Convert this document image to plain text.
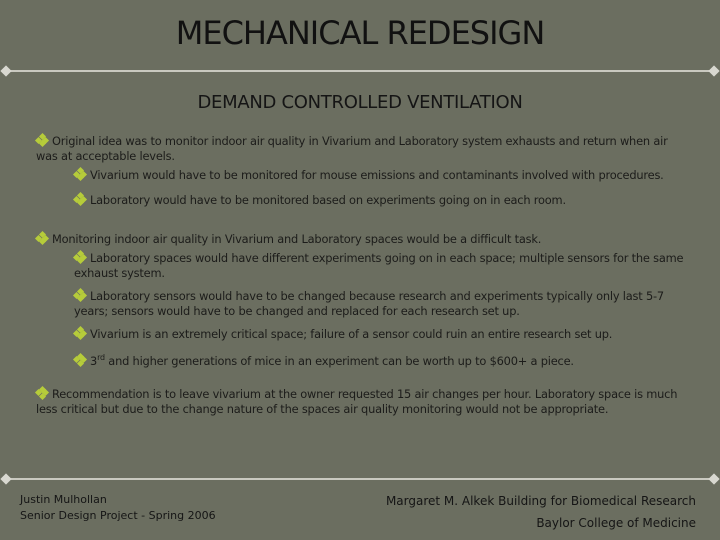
MECHANICAL REDESIGN
DEMAND CONTROLLED VENTILATION

Original idea was to monitor indoor air quality in Vivarium and Laboratory system exhausts and return when air was at acceptable levels.

Vivarium would have to be monitored for mouse emissions and contaminants involved with procedures.

Laboratory would have to be monitored based on experiments going on in each room.

Monitoring indoor air quality in Vivarium and Laboratory spaces would be a difficult task.

Laboratory spaces would have different experiments going on in each space; multiple sensors for the same exhaust system.

Laboratory sensors would have to be changed because research and experiments typically only last 5-7 years; sensors would have to be changed and replaced for each research set up.

Vivarium is an extremely critical space; failure of a sensor could ruin an entire research set up.

3rd and higher generations of mice in an experiment can be worth up to $600+ a piece.

Recommendation is to leave vivarium at the owner requested 15 air changes per hour. Laboratory space is much less critical but due to the change nature of the spaces air quality monitoring would not be appropriate.

Justin Mulhollan
Senior Design Project - Spring 2006
Margaret M. Alkek Building for Biomedical Research
Baylor College of Medicine
